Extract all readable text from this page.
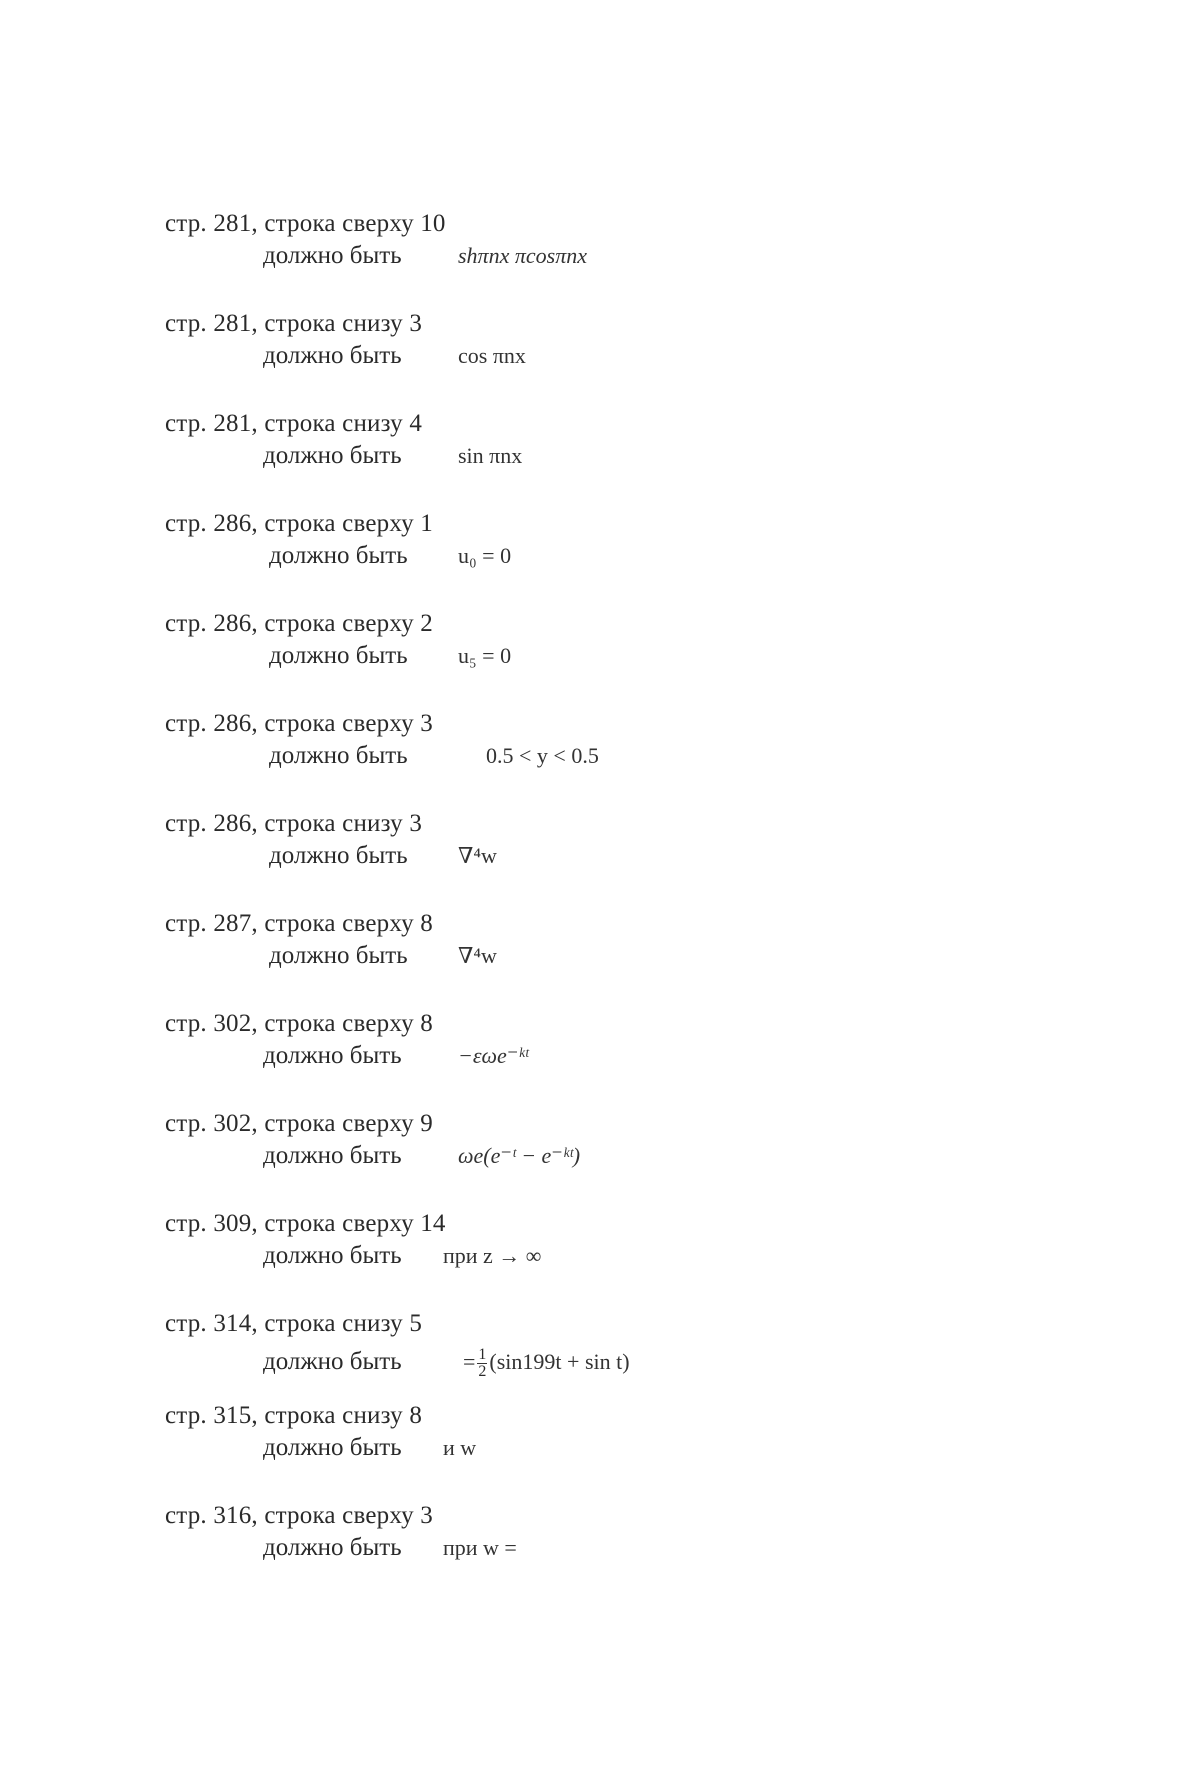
стр. 281, строка сверху 10
должно быть	shπnx πcosπnx
стр. 281, строка снизу 3
должно быть	cos πnx
стр. 281, строка снизу 4
должно быть	sin πnx
стр. 286, строка сверху 1
должно быть u₀ = 0
стр. 286, строка сверху 2
должно быть u₅ = 0
стр. 286, строка сверху 3
должно быть	0.5 < y < 0.5
стр. 286, строка снизу 3
должно быть ∇⁴w
стр. 287, строка сверху 8
должно быть ∇⁴w
стр. 302, строка сверху 8
должно быть	−εωe⁻ᵏᵗ
стр. 302, строка сверху 9
должно быть	ωe(e⁻ᵗ − e⁻ᵏᵗ)
стр. 309, строка сверху 14
должно быть при z → ∞
стр. 314, строка снизу 5
должно быть	= $\frac{1}{2} (\sin 199t + \sin t)$
стр. 315, строка снизу 8
должно быть и w
стр. 316, строка сверху 3
должно быть при w =
